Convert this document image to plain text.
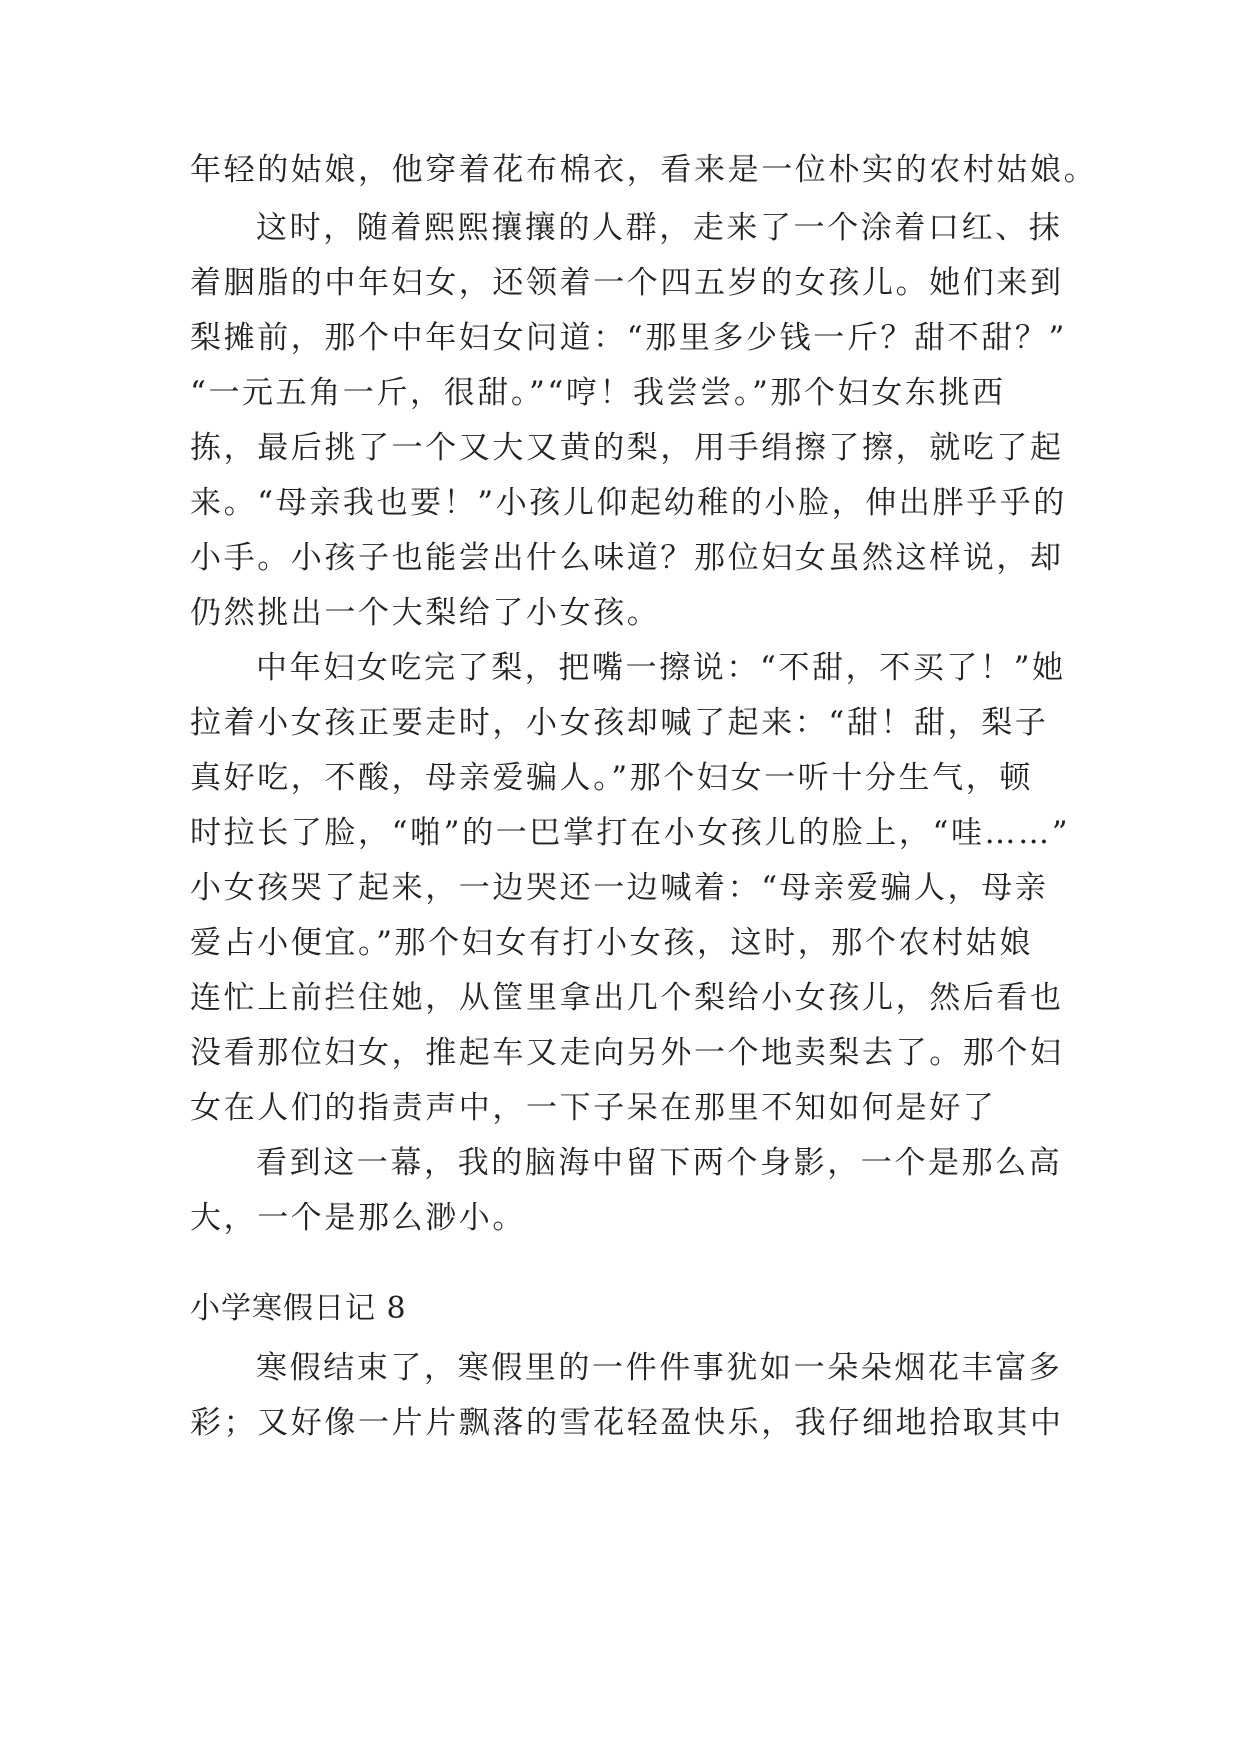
年轻的姑娘，他穿着花布棉衣，看来是一位朴实的农村姑娘。
这时，随着熙熙攘攘的人群，走来了一个涂着口红、抹
着胭脂的中年妇女，还领着一个四五岁的女孩儿。她们来到
梨摊前，那个中年妇女问道：“那里多少钱一斤？甜不甜？”
“一元五角一斤，很甜。”“哼！我尝尝。”那个妇女东挑西
拣，最后挑了一个又大又黄的梨，用手绢擦了擦，就吃了起
来。“母亲我也要！”小孩儿仰起幼稚的小脸，伸出胖乎乎的
小手。小孩子也能尝出什么味道？那位妇女虽然这样说，却
仍然挑出一个大梨给了小女孩。
中年妇女吃完了梨，把嘴一擦说：“不甜，不买了！”她
拉着小女孩正要走时，小女孩却喊了起来：“甜！甜，梨子
真好吃，不酸，母亲爱骗人。”那个妇女一听十分生气，顿
时拉长了脸，“啪”的一巴掌打在小女孩儿的脸上，“哇……”
小女孩哭了起来，一边哭还一边喊着：“母亲爱骗人，母亲
爱占小便宜。”那个妇女有打小女孩，这时，那个农村姑娘
连忙上前拦住她，从筐里拿出几个梨给小女孩儿，然后看也
没看那位妇女，推起车又走向另外一个地卖梨去了。那个妇
女在人们的指责声中，一下子呆在那里不知如何是好了
看到这一幕，我的脑海中留下两个身影，一个是那么高
大，一个是那么渺小。
小学寒假日记 8
寒假结束了，寒假里的一件件事犹如一朵朵烟花丰富多
彩；又好像一片片飘落的雪花轻盈快乐，我仔细地拾取其中
